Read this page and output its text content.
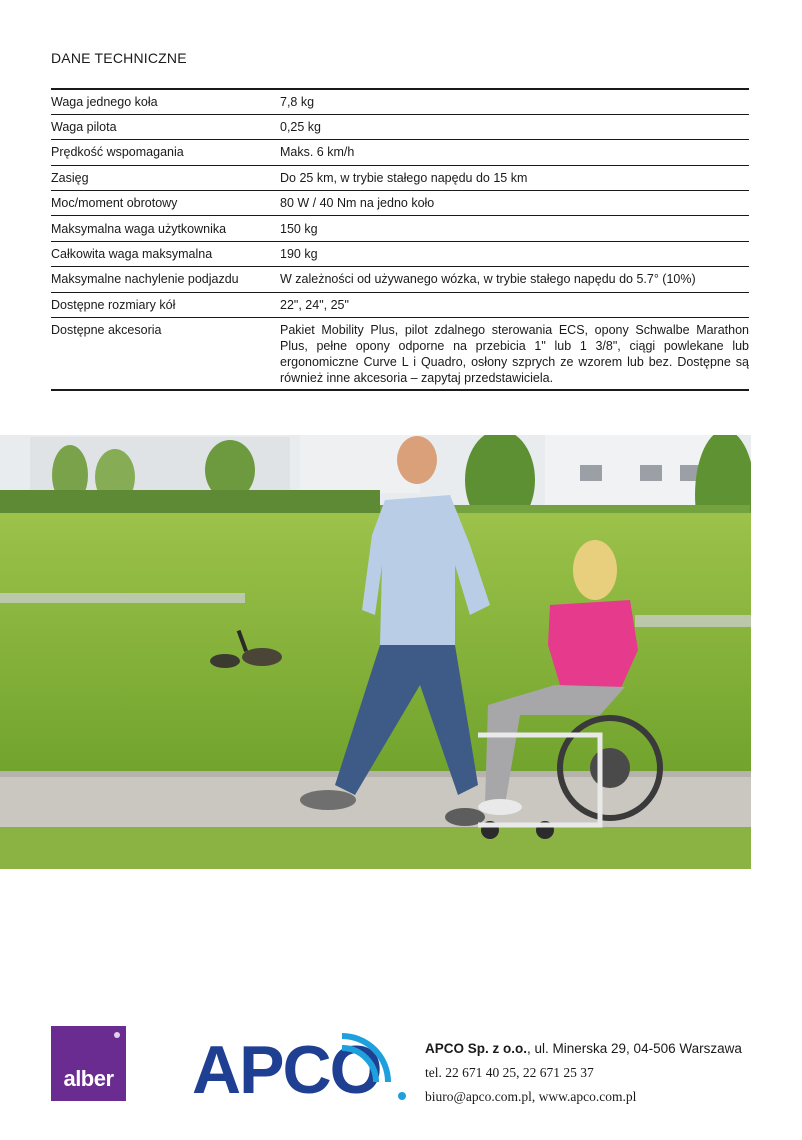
DANE TECHNICZNE
Waga jednego koła	7,8 kg
Waga pilota	0,25 kg
Prędkość wspomagania	Maks. 6 km/h
Zasięg	Do 25 km, w trybie stałego napędu do 15 km
Moc/moment obrotowy	80 W / 40 Nm na jedno koło
Maksymalna waga użytkownika	150 kg
Całkowita waga maksymalna	190 kg
Maksymalne nachylenie podjazdu	W zależności od używanego wózka, w trybie stałego napędu do 5.7° (10%)
Dostępne rozmiary kół	22", 24", 25"
Dostępne akcesoria	Pakiet Mobility Plus, pilot zdalnego sterowania ECS, opony Schwalbe Marathon Plus, pełne opony odporne na przebicia 1" lub 1 3/8", ciągi powlekane lub ergonomiczne Curve L i Quadro, osłony szprych ze wzorem lub bez. Dostępne są również inne akcesoria – zapytaj przedstawiciela.
alber APCO	APCO Sp. z o.o., ul. Minerska 29, 04-506 Warszawa
tel. 22 671 40 25, 22 671 25 37
biuro@apco.com.pl, www.apco.com.pl
